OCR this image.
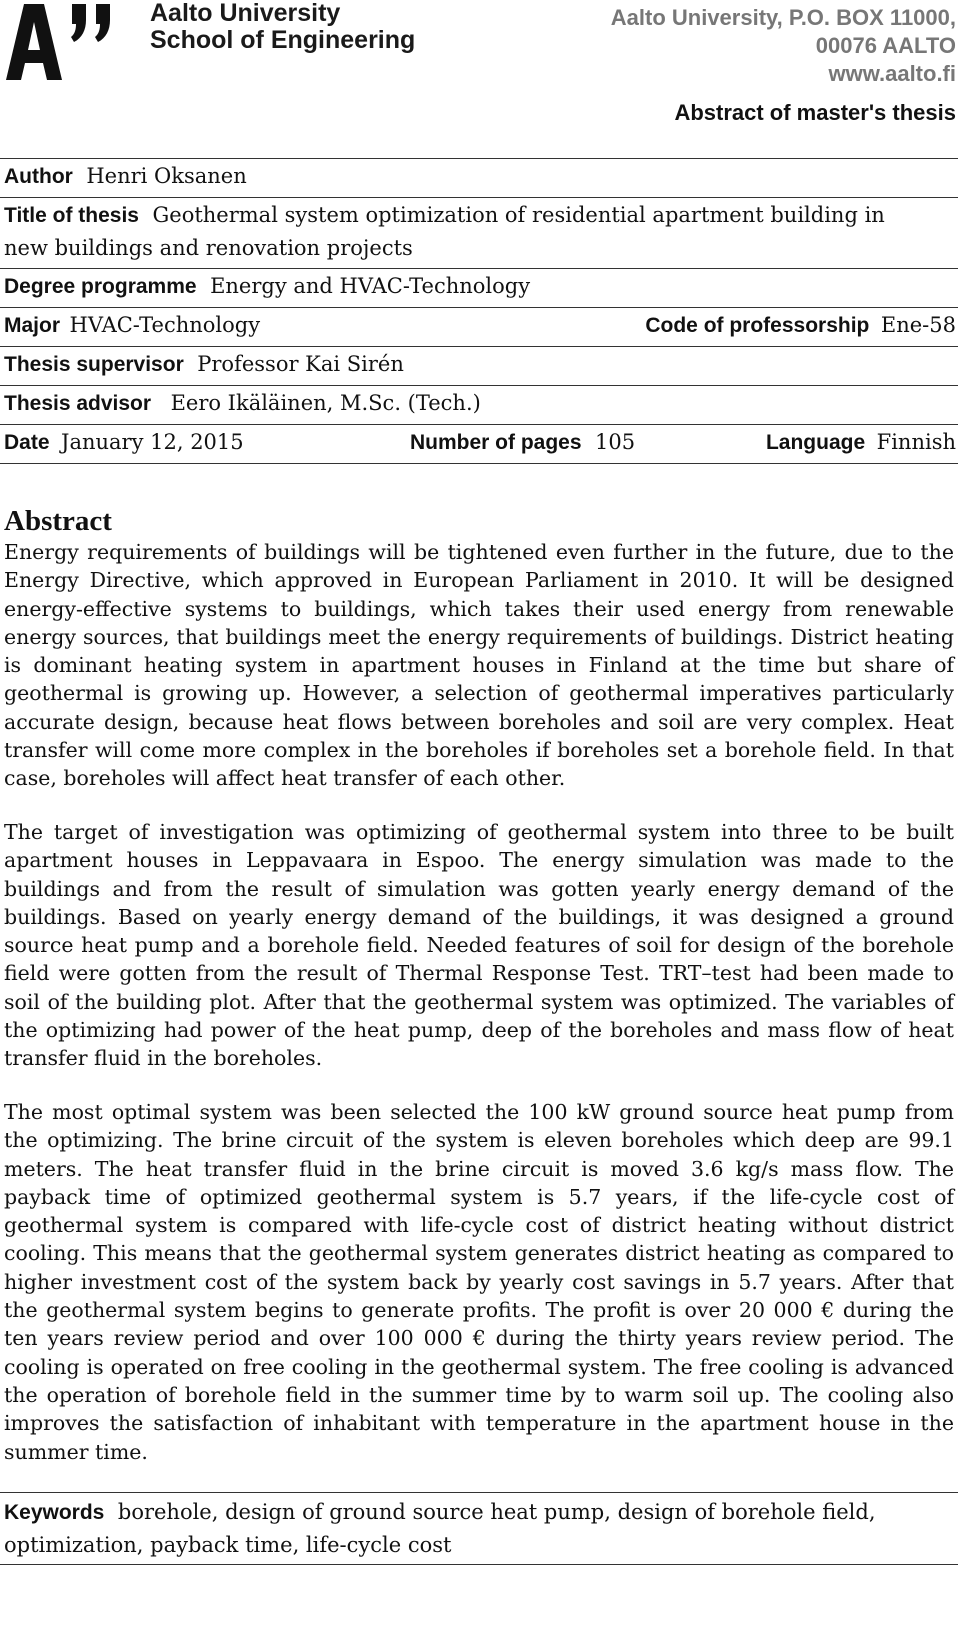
Aalto University
School of Engineering
Aalto University, P.O. BOX 11000,
00076 AALTO
www.aalto.fi
Abstract of master's thesis
Author Henri Oksanen
Title of thesis Geothermal system optimization of residential apartment building in
new buildings and renovation projects
Degree programme Energy and HVAC-Technology
Major HVAC-Technology	Code of professorship Ene-58
Thesis supervisor Professor Kai Sirén
Thesis advisor Eero Ikäläinen, M.Sc. (Tech.)
Date January 12, 2015	Number of pages 105	Language Finnish
Abstract
Energy requirements of buildings will be tightened even further in the future, due to the Energy Directive, which approved in European Parliament in 2010. It will be designed energy-effective systems to buildings, which takes their used energy from renewable energy sources, that buildings meet the energy requirements of buildings. District heating is dominant heating system in apartment houses in Finland at the time but share of geothermal is growing up. However, a selection of geothermal imperatives particularly accurate design, because heat flows between boreholes and soil are very complex. Heat transfer will come more complex in the boreholes if boreholes set a borehole field. In that case, boreholes will affect heat transfer of each other.
The target of investigation was optimizing of geothermal system into three to be built apartment houses in Leppavaara in Espoo. The energy simulation was made to the buildings and from the result of simulation was gotten yearly energy demand of the buildings. Based on yearly energy demand of the buildings, it was designed a ground source heat pump and a borehole field. Needed features of soil for design of the borehole field were gotten from the result of Thermal Response Test. TRT–test had been made to soil of the building plot. After that the geothermal system was optimized. The variables of the optimizing had power of the heat pump, deep of the boreholes and mass flow of heat transfer fluid in the boreholes.
The most optimal system was been selected the 100 kW ground source heat pump from the optimizing. The brine circuit of the system is eleven boreholes which deep are 99.1 meters. The heat transfer fluid in the brine circuit is moved 3.6 kg/s mass flow. The payback time of optimized geothermal system is 5.7 years, if the life-cycle cost of geothermal system is compared with life-cycle cost of district heating without district cooling. This means that the geothermal system generates district heating as compared to higher investment cost of the system back by yearly cost savings in 5.7 years. After that the geothermal system begins to generate profits. The profit is over 20 000 € during the ten years review period and over 100 000 € during the thirty years review period. The cooling is operated on free cooling in the geothermal system. The free cooling is advanced the operation of borehole field in the summer time by to warm soil up. The cooling also improves the satisfaction of inhabitant with temperature in the apartment house in the summer time.
Keywords borehole, design of ground source heat pump, design of borehole field, optimization, payback time, life-cycle cost
